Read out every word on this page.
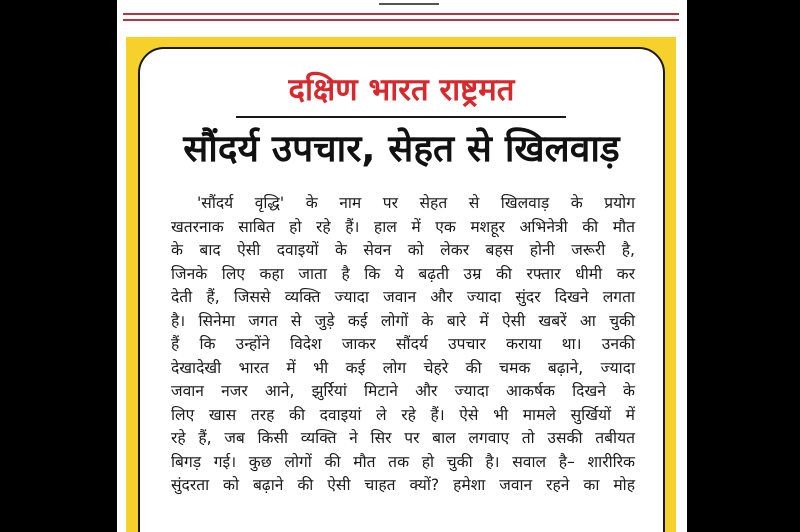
दक्षिण भारत राष्ट्रमत
सौंदर्य उपचार, सेहत से खिलवाड़
'सौंदर्य वृद्धि' के नाम पर सेहत से खिलवाड़ के प्रयोग
खतरनाक साबित हो रहे हैं। हाल में एक मशहूर अभिनेत्री की मौत
के बाद ऐसी दवाइयों के सेवन को लेकर बहस होनी जरूरी है,
जिनके लिए कहा जाता है कि ये बढ़ती उम्र की रफ्तार धीमी कर
देती हैं, जिससे व्यक्ति ज्यादा जवान और ज्यादा सुंदर दिखने लगता
है। सिनेमा जगत से जुड़े कई लोगों के बारे में ऐसी खबरें आ चुकी
हैं कि उन्होंने विदेश जाकर सौंदर्य उपचार कराया था। उनकी
देखादेखी भारत में भी कई लोग चेहरे की चमक बढ़ाने, ज्यादा
जवान नजर आने, झुर्रियां मिटाने और ज्यादा आकर्षक दिखने के
लिए खास तरह की दवाइयां ले रहे हैं। ऐसे भी मामले सुर्खियों में
रहे हैं, जब किसी व्यक्ति ने सिर पर बाल लगवाए तो उसकी तबीयत
बिगड़ गई। कुछ लोगों की मौत तक हो चुकी है। सवाल है– शारीरिक
सुंदरता को बढ़ाने की ऐसी चाहत क्यों? हमेशा जवान रहने का मोह
